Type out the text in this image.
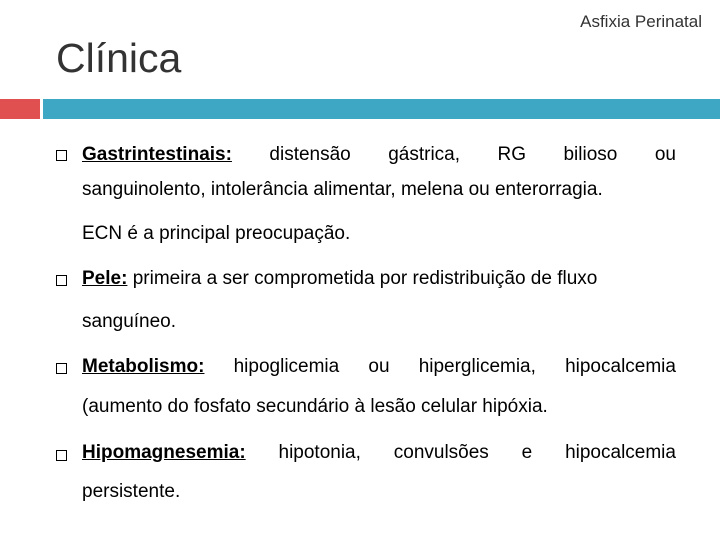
Asfixia Perinatal
Clínica
Gastrintestinais: distensão gástrica, RG bilioso ou
sanguinolento, intolerância alimentar, melena ou enterorragia.
ECN é a principal preocupação.
Pele: primeira a ser comprometida por redistribuição de fluxo
sanguíneo.
Metabolismo: hipoglicemia ou hiperglicemia, hipocalcemia
(aumento do fosfato secundário à lesão celular hipóxia.
Hipomagnesemia: hipotonia, convulsões e hipocalcemia
persistente.
